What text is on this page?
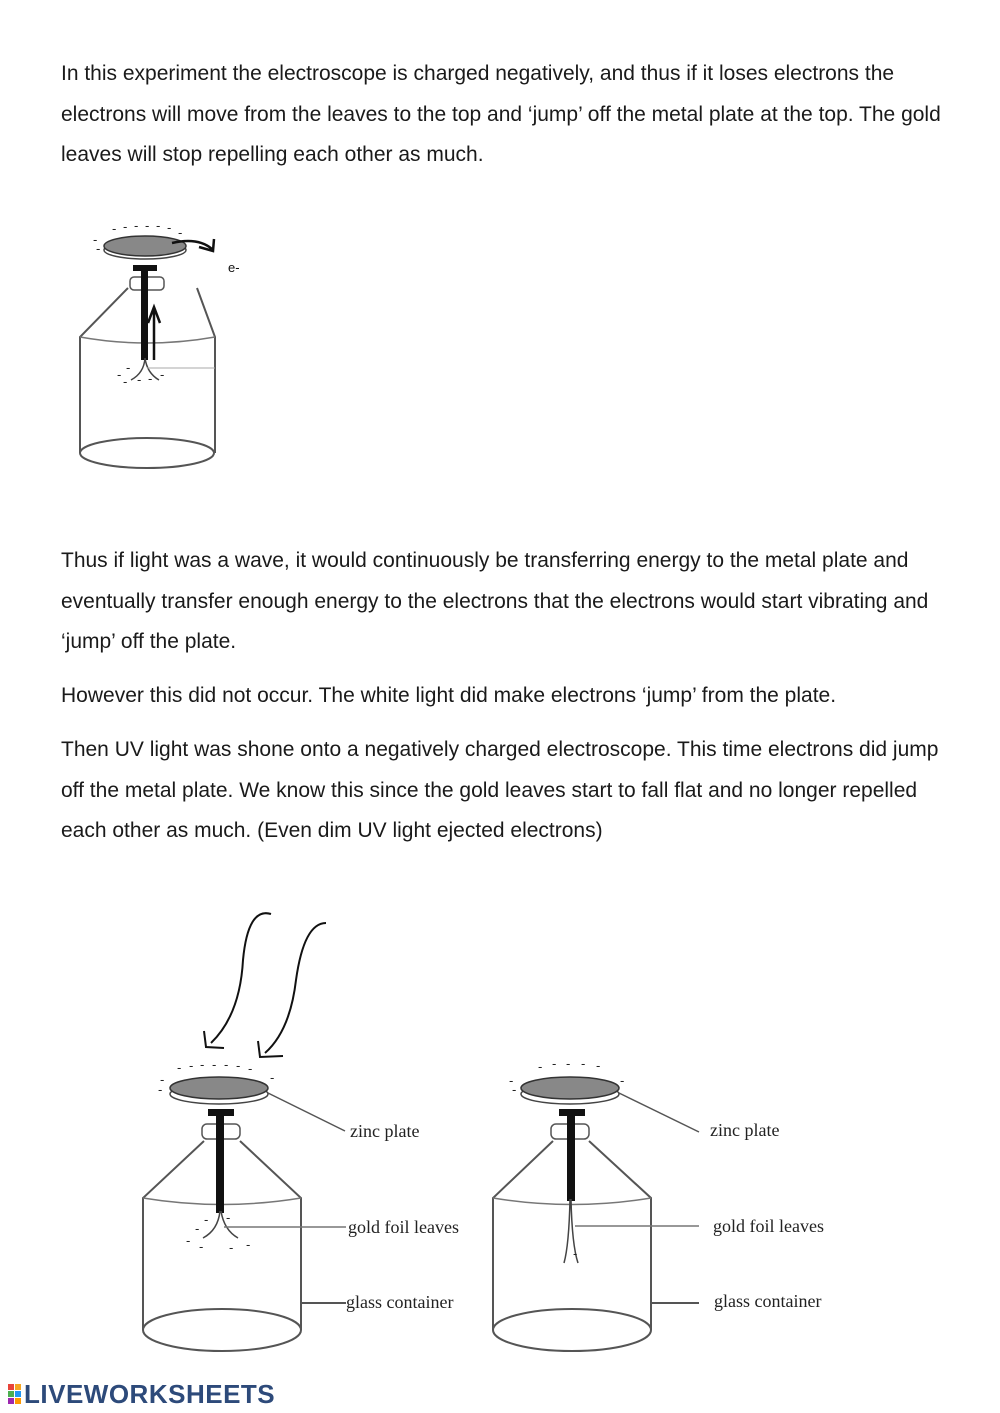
In this experiment the electroscope is charged negatively, and thus if it loses electrons the electrons will move from the leaves to the top and ‘jump’ off the metal plate at the top. The gold leaves will stop repelling each other as much.

e-
- - - - - -
-
-
-
-
- - - - -

Thus if light was a wave, it would continuously be transferring energy to the metal plate and eventually transfer enough energy to the electrons that the electrons would start vibrating and ‘jump’ off the plate.

However this did not occur. The white light did make electrons ‘jump’ from the plate.

Then UV light was shone onto a negatively charged electroscope. This time electrons did jump off the metal plate. We know this since the gold leaves start to fall flat and no longer repelled each other as much. (Even dim UV light ejected electrons)

- - - - - - -
-
-
-
- -
-
- - - -
zinc plate
gold foil leaves
glass container
- - - - -
-
-
-
-
zinc plate
gold foil leaves
glass container
LIVEWORKSHEETS
